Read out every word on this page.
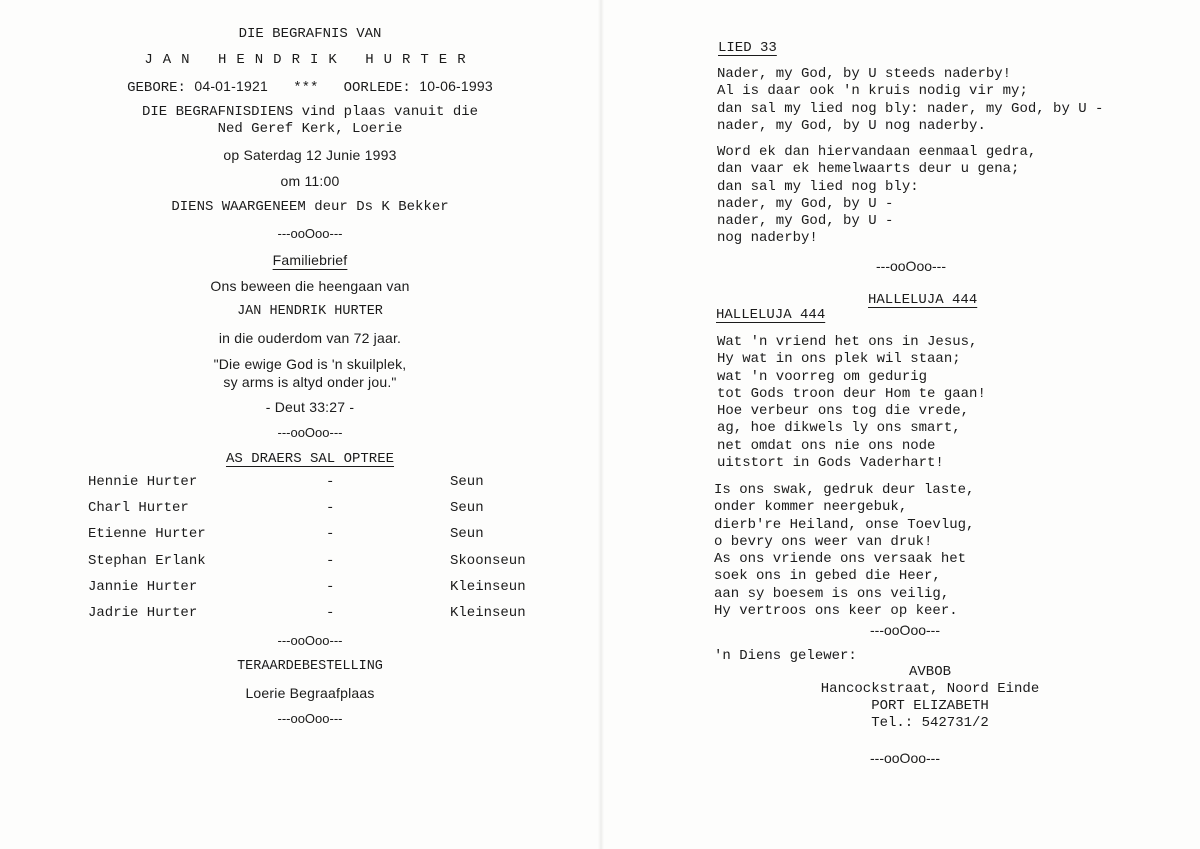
DIE BEGRAFNIS VAN
JAN HENDRIK HURTER
GEBORE: 04-01-1921 *** OORLEDE: 10-06-1993
DIE BEGRAFNISDIENS vind plaas vanuit die
Ned Geref Kerk, Loerie
op Saterdag 12 Junie 1993
om 11:00
DIENS WAARGENEEM deur Ds K Bekker
---ooOoo---
Familiebrief
Ons beween die heengaan van
JAN HENDRIK HURTER
in die ouderdom van 72 jaar.
"Die ewige God is 'n skuilplek,
sy arms is altyd onder jou."
- Deut 33:27 -
---ooOoo---
AS DRAERS SAL OPTREE
Hennie Hurter	-	Seun
Charl Hurter	-	Seun
Etienne Hurter	-	Seun
Stephan Erlank	-	Skoonseun
Jannie Hurter	-	Kleinseun
Jadrie Hurter	-	Kleinseun
---ooOoo---
TERAARDEBESTELLING
Loerie Begraafplaas
---ooOoo---
LIED 33
Nader, my God, by U steeds naderby!
Al is daar ook 'n kruis nodig vir my;
dan sal my lied nog bly: nader, my God, by U -
nader, my God, by U nog naderby.
Word ek dan hiervandaan eenmaal gedra,
dan vaar ek hemelwaarts deur u gena;
dan sal my lied nog bly:
nader, my God, by U -
nader, my God, by U -
nog naderby!
---ooOoo---
HALLELUJA 444
HALLELUJA 444
Wat 'n vriend het ons in Jesus,
Hy wat in ons plek wil staan;
wat 'n voorreg om gedurig
tot Gods troon deur Hom te gaan!
Hoe verbeur ons tog die vrede,
ag, hoe dikwels ly ons smart,
net omdat ons nie ons node
uitstort in Gods Vaderhart!
Is ons swak, gedruk deur laste,
onder kommer neergebuk,
dierb're Heiland, onse Toevlug,
o bevry ons weer van druk!
As ons vriende ons versaak het
soek ons in gebed die Heer,
aan sy boesem is ons veilig,
Hy vertroos ons keer op keer.
---ooOoo---
'n Diens gelewer:
AVBOB
Hancockstraat, Noord Einde
PORT ELIZABETH
Tel.: 542731/2
---ooOoo---
